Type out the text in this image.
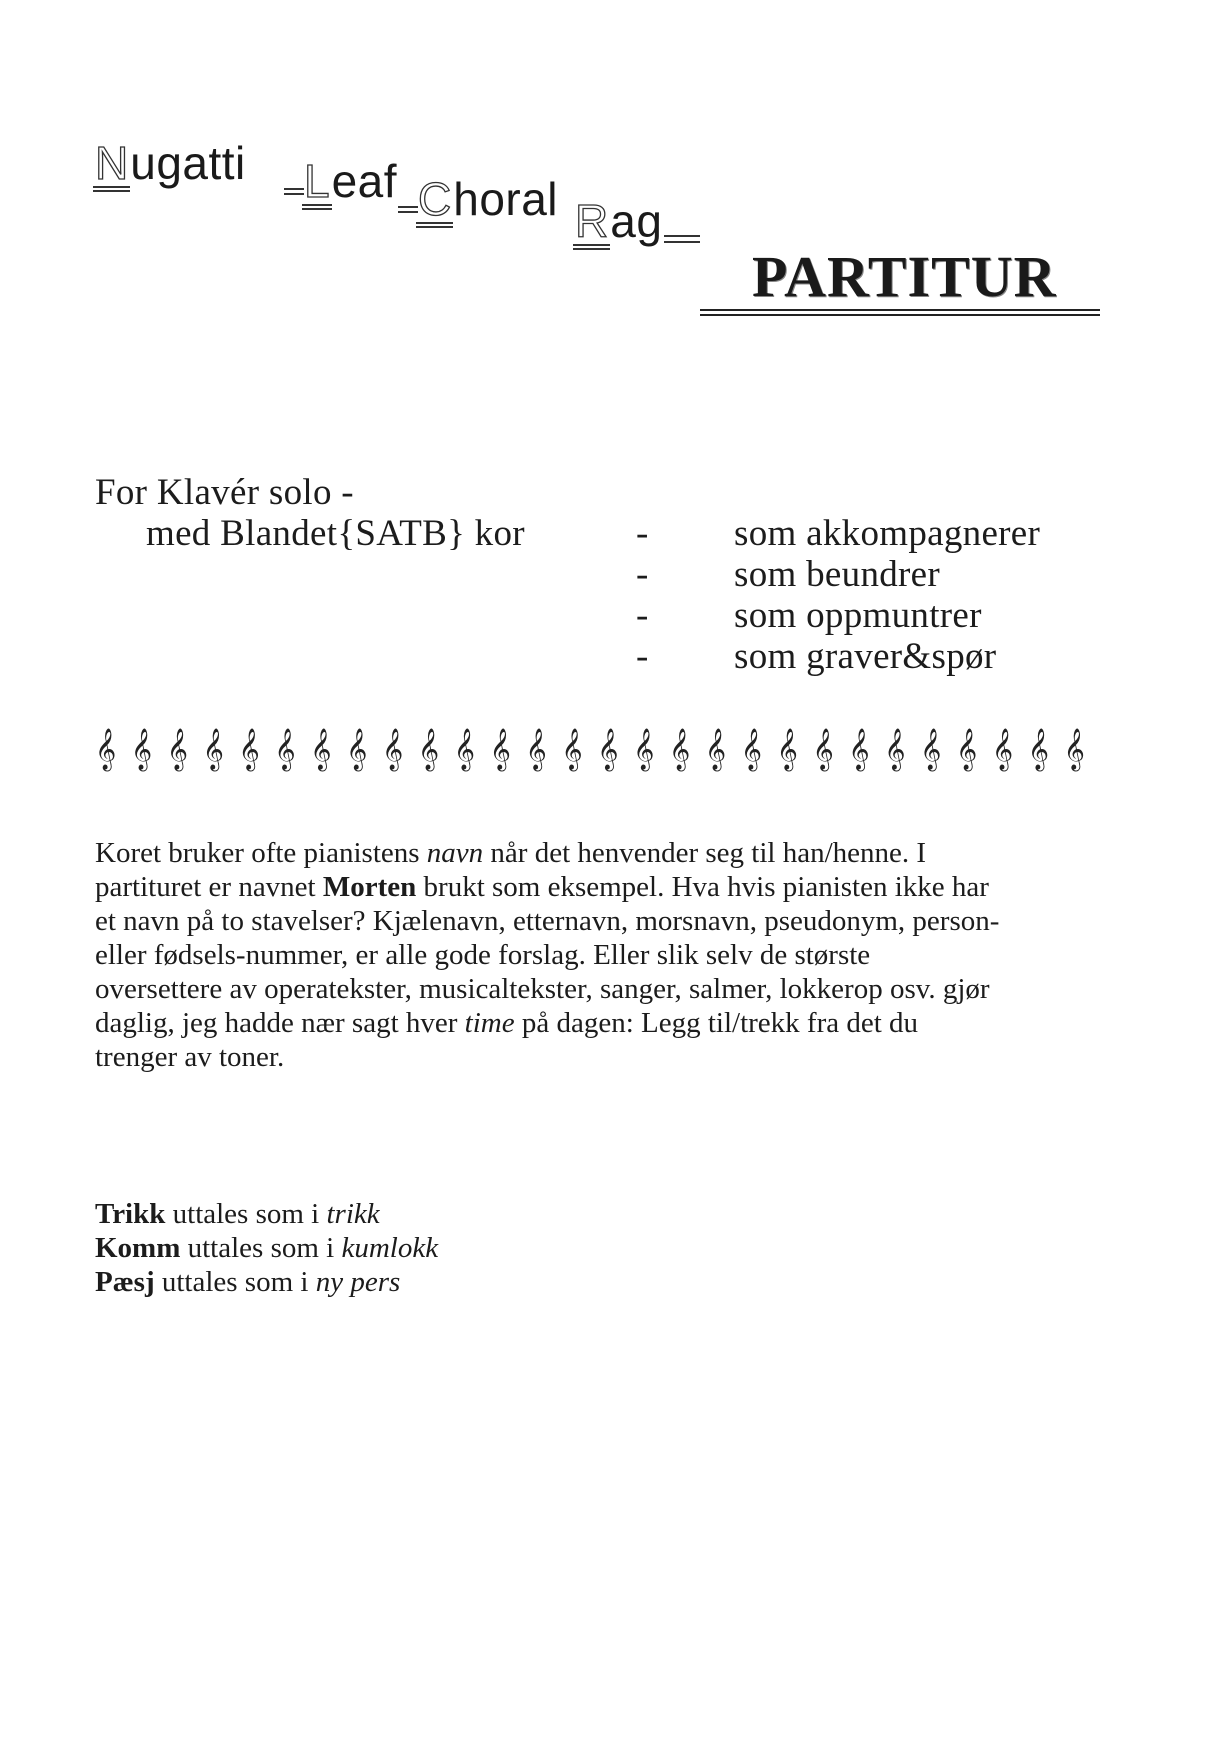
Nugatti	Leaf Choral Rag
PARTITUR
For Klavér solo -
med Blandet{SATB} kor	-
-
-
-
som akkompagnerer
som beundrer
som oppmuntrer
som graver&spør
𝄞 𝄞 𝄞 𝄞 𝄞 𝄞 𝄞 𝄞 𝄞 𝄞 𝄞 𝄞 𝄞 𝄞 𝄞 𝄞 𝄞 𝄞 𝄞 𝄞 𝄞 𝄞 𝄞 𝄞 𝄞 𝄞 𝄞 𝄞
Koret bruker ofte pianistens navn når det henvender seg til han/henne. I
partituret er navnet Morten brukt som eksempel. Hva hvis pianisten ikke har
et navn på to stavelser? Kjælenavn, etternavn, morsnavn, pseudonym, person-
eller fødsels-nummer, er alle gode forslag. Eller slik selv de største
oversettere av operatekster, musicaltekster, sanger, salmer, lokkerop osv. gjør
daglig, jeg hadde nær sagt hver time på dagen: Legg til/trekk fra det du
trenger av toner.
Trikk uttales som i trikk
Komm uttales som i kumlokk
Pæsj uttales som i ny pers
